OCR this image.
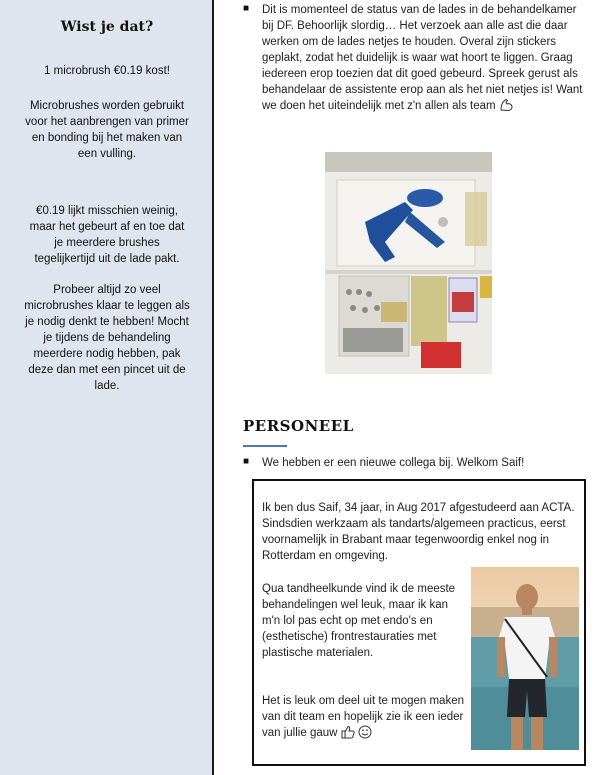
Wist je dat?
1 microbrush €0.19 kost!
Microbrushes worden gebruikt voor het aanbrengen van primer en bonding bij het maken van een vulling.
€0.19 lijkt misschien weinig, maar het gebeurt af en toe dat je meerdere brushes tegelijkertijd uit de lade pakt.
Probeer altijd zo veel microbrushes klaar te leggen als je nodig denkt te hebben! Mocht je tijdens de behandeling meerdere nodig hebben, pak deze dan met een pincet uit de lade.
■ Dit is momenteel de status van de lades in de behandelkamer bij DF. Behoorlijk slordig… Het verzoek aan alle ast die daar werken om de lades netjes te houden. Overal zijn stickers geplakt, zodat het duidelijk is waar wat hoort te liggen. Graag iedereen erop toezien dat dit goed gebeurd. Spreek gerust als behandelaar de assistente erop aan als het niet netjes is! Want we doen het uiteindelijk met z'n allen als team
PERSONEEL
■ We hebben er een nieuwe collega bij. Welkom Saif!
Ik ben dus Saif, 34 jaar, in Aug 2017 afgestudeerd aan ACTA. Sindsdien werkzaam als tandarts/algemeen practicus, eerst voornamelijk in Brabant maar tegenwoordig enkel nog in Rotterdam en omgeving.
Qua tandheelkunde vind ik de meeste behandelingen wel leuk, maar ik kan m'n lol pas echt op met endo's en (esthetische) frontrestauraties met plastische materialen.
Het is leuk om deel uit te mogen maken van dit team en hopelijk zie ik een ieder van jullie gauw
